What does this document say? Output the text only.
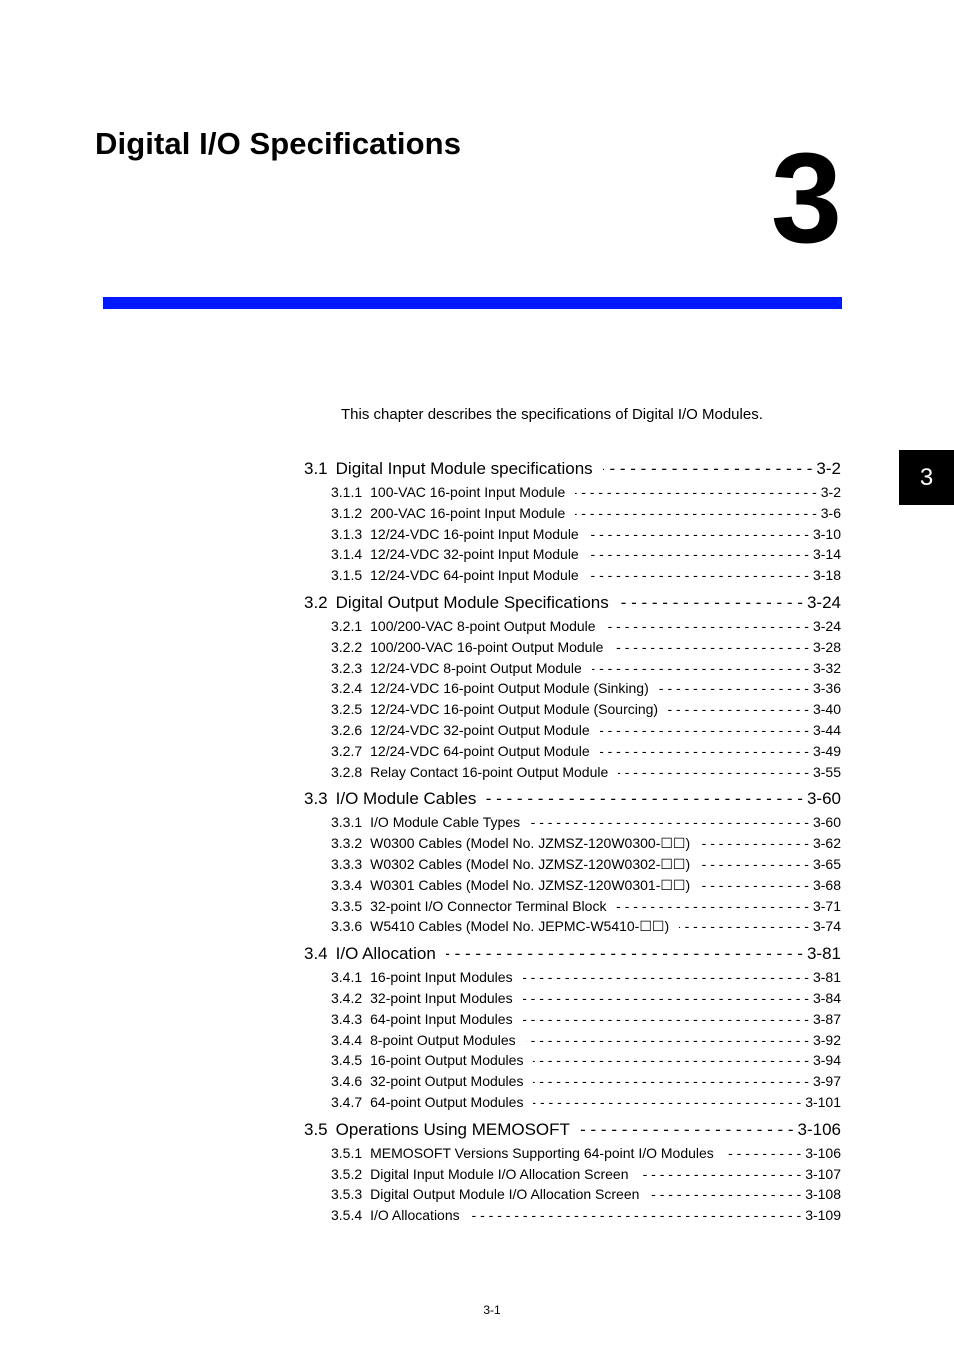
Digital I/O Specifications 3

This chapter describes the specifications of Digital I/O Modules.

3
3.1 Digital Input Module specifications - - -	3-2
3.1.1 100-VAC 16-point Input Module - - -	3-2
3.1.2 200-VAC 16-point Input Module - - -	3-6
3.1.3 12/24-VDC 16-point Input Module - - -	3-10
3.1.4 12/24-VDC 32-point Input Module - - -	3-14
3.1.5 12/24-VDC 64-point Input Module - - -	3-18
3.2 Digital Output Module Specifications - - -	3-24
3.2.1 100/200-VAC 8-point Output Module - - -	3-24
3.2.2 100/200-VAC 16-point Output Module - - -	3-28
3.2.3 12/24-VDC 8-point Output Module - - -	3-32
3.2.4 12/24-VDC 16-point Output Module (Sinking) - - -	3-36
3.2.5 12/24-VDC 16-point Output Module (Sourcing) - - -	3-40
3.2.6 12/24-VDC 32-point Output Module - - -	3-44
3.2.7 12/24-VDC 64-point Output Module - - -	3-49
3.2.8 Relay Contact 16-point Output Module - - -	3-55
3.3 I/O Module Cables - - -	3-60
3.3.1 I/O Module Cable Types - - -	3-60
3.3.2 W0300 Cables (Model No. JZMSZ-120W0300-☐☐) - - -	3-62
3.3.3 W0302 Cables (Model No. JZMSZ-120W0302-☐☐) - - -	3-65
3.3.4 W0301 Cables (Model No. JZMSZ-120W0301-☐☐) - - -	3-68
3.3.5 32-point I/O Connector Terminal Block - - -	3-71
3.3.6 W5410 Cables (Model No. JEPMC-W5410-☐☐) - - -	3-74
3.4 I/O Allocation - - -	3-81
3.4.1 16-point Input Modules - - -	3-81
3.4.2 32-point Input Modules - - -	3-84
3.4.3 64-point Input Modules - - -	3-87
3.4.4 8-point Output Modules - - -	3-92
3.4.5 16-point Output Modules - - -	3-94
3.4.6 32-point Output Modules - - -	3-97
3.4.7 64-point Output Modules - - -	3-101
3.5 Operations Using MEMOSOFT - - -	3-106
3.5.1 MEMOSOFT Versions Supporting 64-point I/O Modules - - -	3-106
3.5.2 Digital Input Module I/O Allocation Screen - - -	3-107
3.5.3 Digital Output Module I/O Allocation Screen - - -	3-108
3.5.4 I/O Allocations - - -	3-109
3-1
